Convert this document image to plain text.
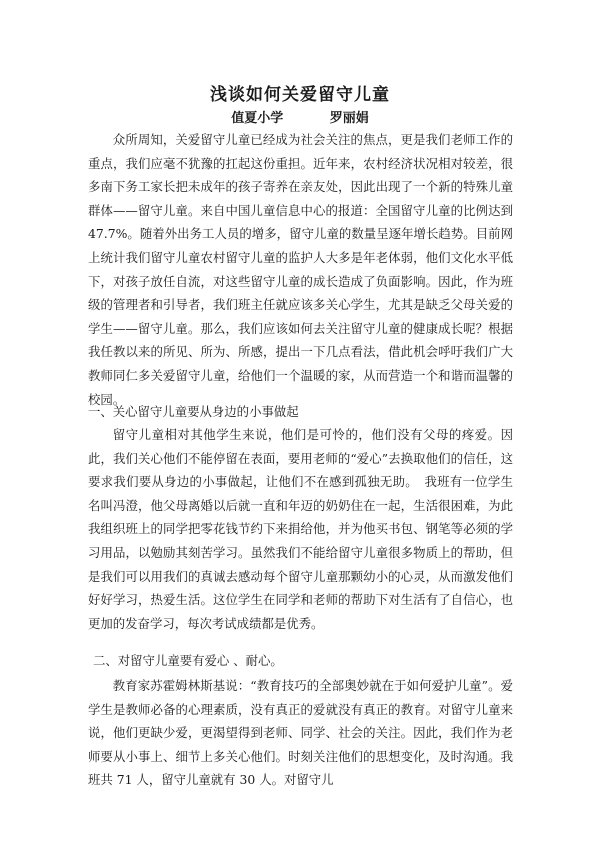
浅谈如何关爱留守儿童
值夏小学	罗丽娟

众所周知，关爱留守儿童已经成为社会关注的焦点，更是我们老师工作的重点，我们应毫不犹豫的扛起这份重担。近年来，农村经济状况相对较差，很多南下务工家长把未成年的孩子寄养在亲友处，因此出现了一个新的特殊儿童群体——留守儿童。来自中国儿童信息中心的报道：全国留守儿童的比例达到 47.7%。随着外出务工人员的增多，留守儿童的数量呈逐年增长趋势。目前网上统计我们留守儿童农村留守儿童的监护人大多是年老体弱，他们文化水平低下，对孩子放任自流，对这些留守儿童的成长造成了负面影响。因此，作为班级的管理者和引导者，我们班主任就应该多关心学生，尤其是缺乏父母关爱的学生——留守儿童。那么，我们应该如何去关注留守儿童的健康成长呢？根据我任教以来的所见、所为、所感，提出一下几点看法，借此机会呼吁我们广大教师同仁多关爱留守儿童，给他们一个温暖的家，从而营造一个和谐而温馨的校园。

一、关心留守儿童要从身边的小事做起

留守儿童相对其他学生来说，他们是可怜的，他们没有父母的疼爱。因此，我们关心他们不能停留在表面，要用老师的“爱心”去换取他们的信任，这要求我们要从身边的小事做起，让他们不在感到孤独无助。　我班有一位学生名叫冯澄，他父母离婚以后就一直和年迈的奶奶住在一起，生活很困难，为此我组织班上的同学把零花钱节约下来捐给他，并为他买书包、钢笔等必须的学习用品，以勉励其刻苦学习。虽然我们不能给留守儿童很多物质上的帮助，但是我们可以用我们的真诚去感动每个留守儿童那颗幼小的心灵，从而激发他们好好学习，热爱生活。这位学生在同学和老师的帮助下对生活有了自信心，也更加的发奋学习，每次考试成绩都是优秀。

二、对留守儿童要有爱心 、耐心。

教育家苏霍姆林斯基说：“教育技巧的全部奥妙就在于如何爱护儿童”。爱学生是教师必备的心理素质，没有真正的爱就没有真正的教育。对留守儿童来说，他们更缺少爱，更渴望得到老师、同学、社会的关注。因此，我们作为老师要从小事上、细节上多关心他们。时刻关注他们的思想变化，及时沟通。我班共 71 人，留守儿童就有 30 人。对留守儿
